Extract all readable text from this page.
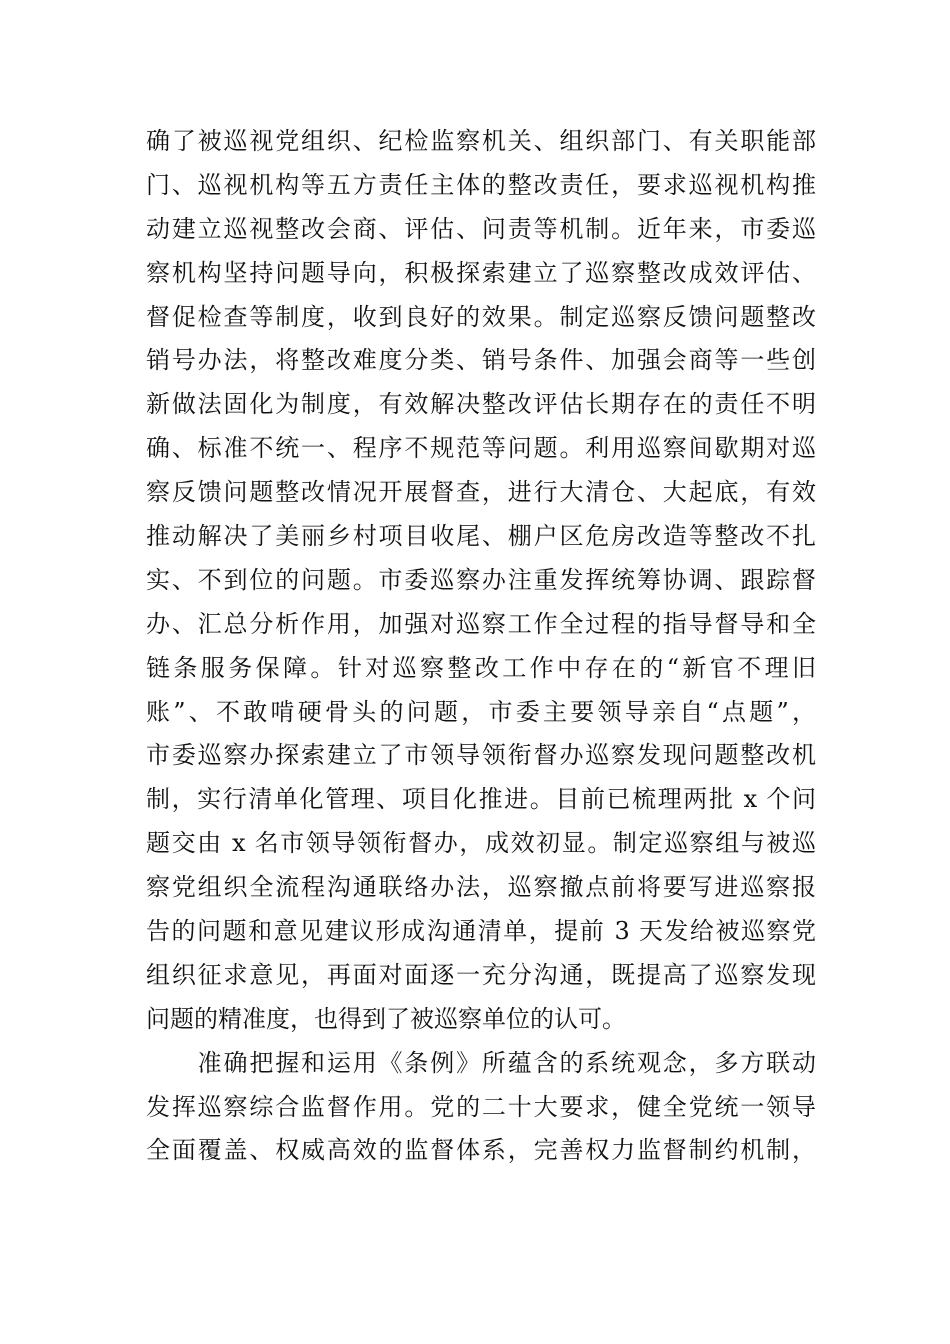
确了被巡视党组织、纪检监察机关、组织部门、有关职能部
门、巡视机构等五方责任主体的整改责任，要求巡视机构推
动建立巡视整改会商、评估、问责等机制。近年来，市委巡
察机构坚持问题导向，积极探索建立了巡察整改成效评估、
督促检查等制度，收到良好的效果。制定巡察反馈问题整改
销号办法，将整改难度分类、销号条件、加强会商等一些创
新做法固化为制度，有效解决整改评估长期存在的责任不明
确、标准不统一、程序不规范等问题。利用巡察间歇期对巡
察反馈问题整改情况开展督查，进行大清仓、大起底，有效
推动解决了美丽乡村项目收尾、棚户区危房改造等整改不扎
实、不到位的问题。市委巡察办注重发挥统筹协调、跟踪督
办、汇总分析作用，加强对巡察工作全过程的指导督导和全
链条服务保障。针对巡察整改工作中存在的“新官不理旧
账”、不敢啃硬骨头的问题，市委主要领导亲自“点题”，
市委巡察办探索建立了市领导领衔督办巡察发现问题整改机
制，实行清单化管理、项目化推进。目前已梳理两批 x 个问
题交由 x 名市领导领衔督办，成效初显。制定巡察组与被巡
察党组织全流程沟通联络办法，巡察撤点前将要写进巡察报
告的问题和意见建议形成沟通清单，提前 3 天发给被巡察党
组织征求意见，再面对面逐一充分沟通，既提高了巡察发现
问题的精准度，也得到了被巡察单位的认可。
　　准确把握和运用《条例》所蕴含的系统观念，多方联动
发挥巡察综合监督作用。党的二十大要求，健全党统一领导
全面覆盖、权威高效的监督体系，完善权力监督制约机制，
